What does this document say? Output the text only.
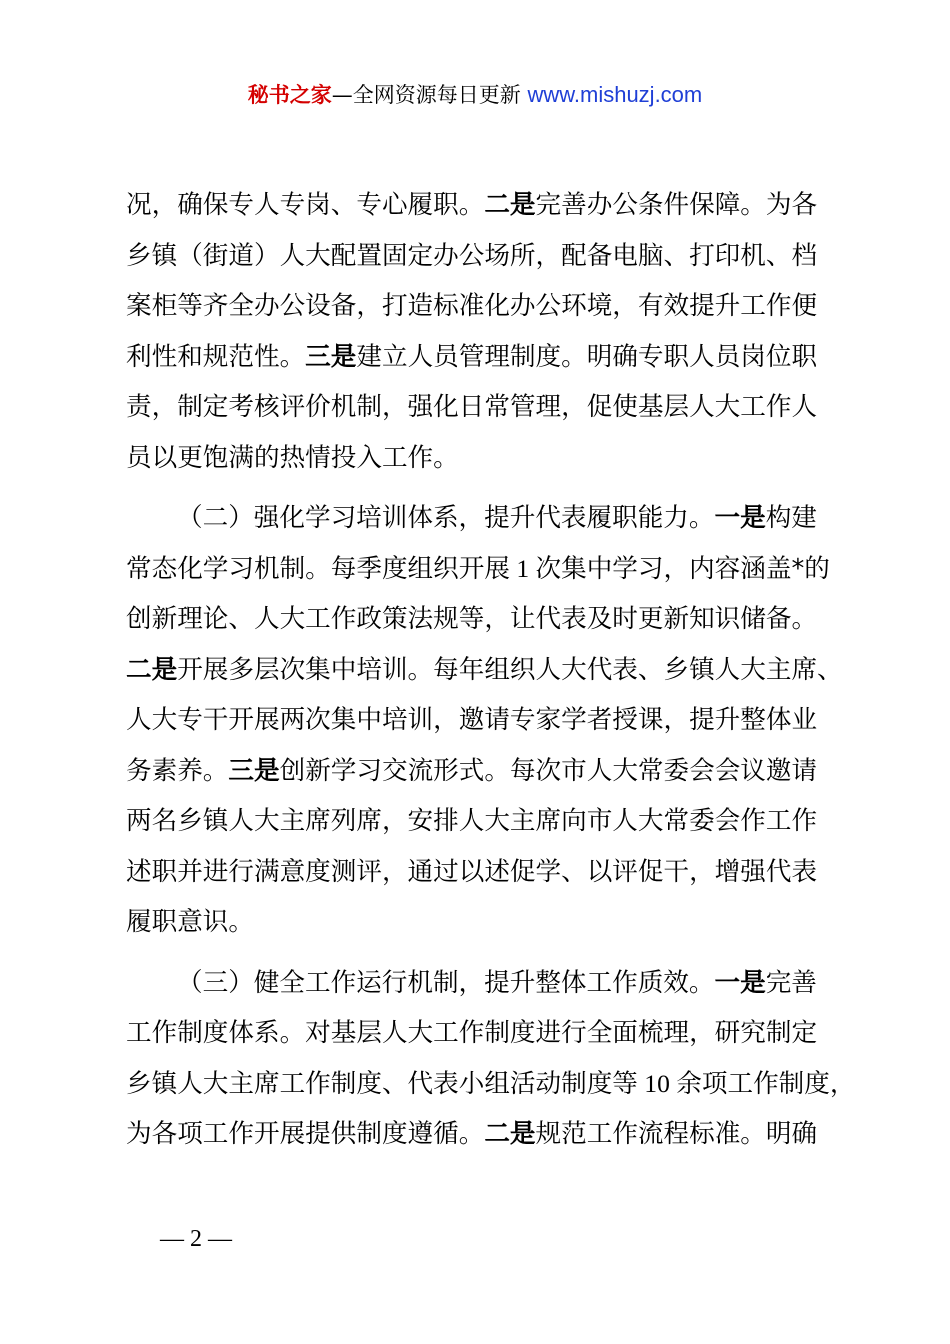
秘书之家—全网资源每日更新 www.mishuzj.com
况，确保专人专岗、专心履职。二是完善办公条件保障。为各
乡镇（街道）人大配置固定办公场所，配备电脑、打印机、档
案柜等齐全办公设备，打造标准化办公环境，有效提升工作便
利性和规范性。三是建立人员管理制度。明确专职人员岗位职
责，制定考核评价机制，强化日常管理，促使基层人大工作人
员以更饱满的热情投入工作。
（二）强化学习培训体系，提升代表履职能力。一是构建
常态化学习机制。每季度组织开展 1 次集中学习，内容涵盖*的
创新理论、人大工作政策法规等，让代表及时更新知识储备。
二是开展多层次集中培训。每年组织人大代表、乡镇人大主席、
人大专干开展两次集中培训，邀请专家学者授课，提升整体业
务素养。三是创新学习交流形式。每次市人大常委会会议邀请
两名乡镇人大主席列席，安排人大主席向市人大常委会作工作
述职并进行满意度测评，通过以述促学、以评促干，增强代表
履职意识。
（三）健全工作运行机制，提升整体工作质效。一是完善
工作制度体系。对基层人大工作制度进行全面梳理，研究制定
乡镇人大主席工作制度、代表小组活动制度等 10 余项工作制度，
为各项工作开展提供制度遵循。二是规范工作流程标准。明确
— 2 —
